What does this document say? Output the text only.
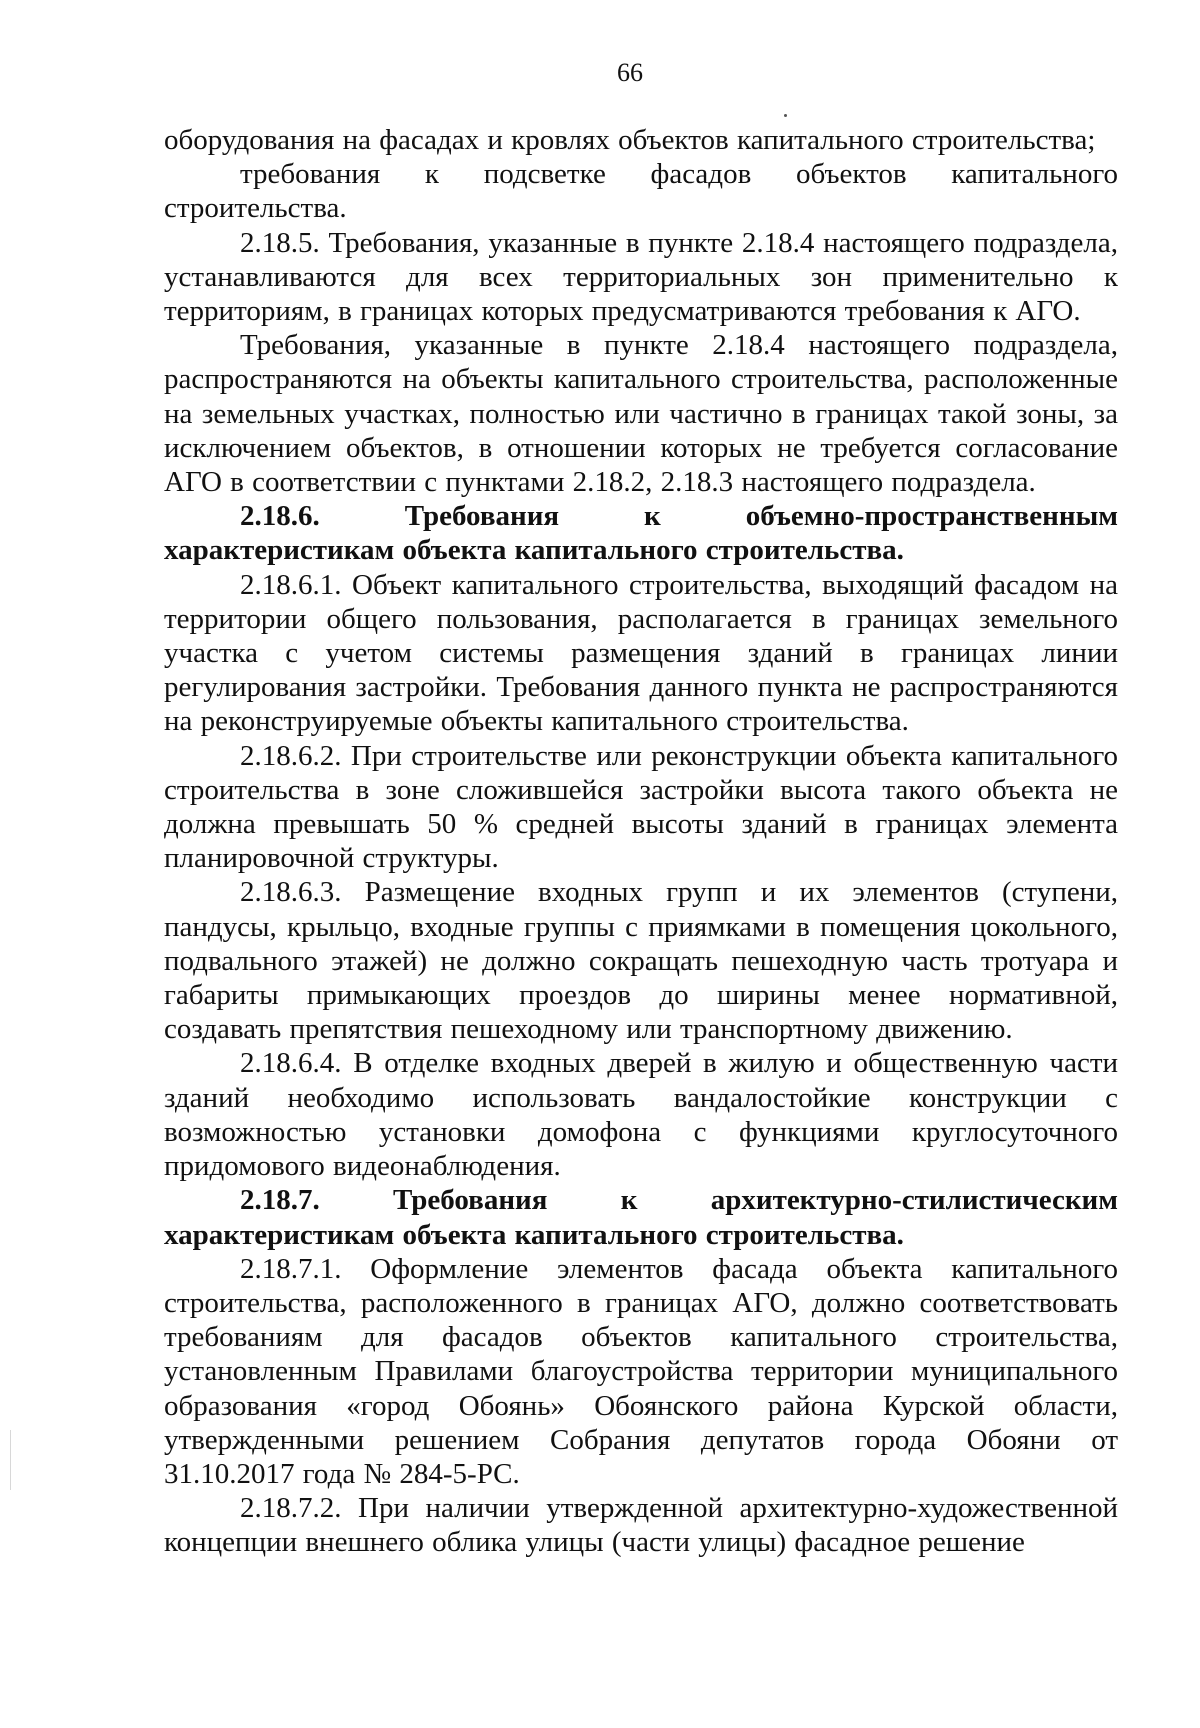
66

оборудования на фасадах и кровлях объектов капитального строительства;

требования к подсветке фасадов объектов капитального строительства.

2.18.5. Требования, указанные в пункте 2.18.4 настоящего подраздела, устанавливаются для всех территориальных зон применительно к территориям, в границах которых предусматриваются требования к АГО.

Требования, указанные в пункте 2.18.4 настоящего подраздела, распространяются на объекты капитального строительства, расположенные на земельных участках, полностью или частично в границах такой зоны, за исключением объектов, в отношении которых не требуется согласование АГО в соответствии с пунктами 2.18.2, 2.18.3 настоящего подраздела.

2.18.6.	Требования к объемно-пространственным характеристикам объекта капитального строительства.

2.18.6.1. Объект капитального строительства, выходящий фасадом на территории общего пользования, располагается в границах земельного участка с учетом системы размещения зданий в границах линии регулирования застройки. Требования данного пункта не распространяются на реконструируемые объекты капитального строительства.

2.18.6.2. При строительстве или реконструкции объекта капитального строительства в зоне сложившейся застройки высота такого объекта не должна превышать 50 % средней высоты зданий в границах элемента планировочной структуры.

2.18.6.3. Размещение входных групп и их элементов (ступени, пандусы, крыльцо, входные группы с приямками в помещения цокольного, подвального этажей) не должно сокращать пешеходную часть тротуара и габариты примыкающих проездов до ширины менее нормативной, создавать препятствия пешеходному или транспортному движению.

2.18.6.4. В отделке входных дверей в жилую и общественную части зданий необходимо использовать вандалостойкие конструкции с возможностью установки домофона с функциями круглосуточного придомового видеонаблюдения.

2.18.7.	Требования к архитектурно-стилистическим характеристикам объекта капитального строительства.

2.18.7.1. Оформление элементов фасада объекта капитального строительства, расположенного в границах АГО, должно соответствовать требованиям для фасадов объектов капитального строительства, установленным Правилами благоустройства территории муниципального образования «город Обоянь» Обоянского района Курской области, утвержденными решением Собрания депутатов города Обояни от 31.10.2017 года № 284-5-РС.

2.18.7.2. При наличии утвержденной архитектурно-художественной концепции внешнего облика улицы (части улицы) фасадное решение
